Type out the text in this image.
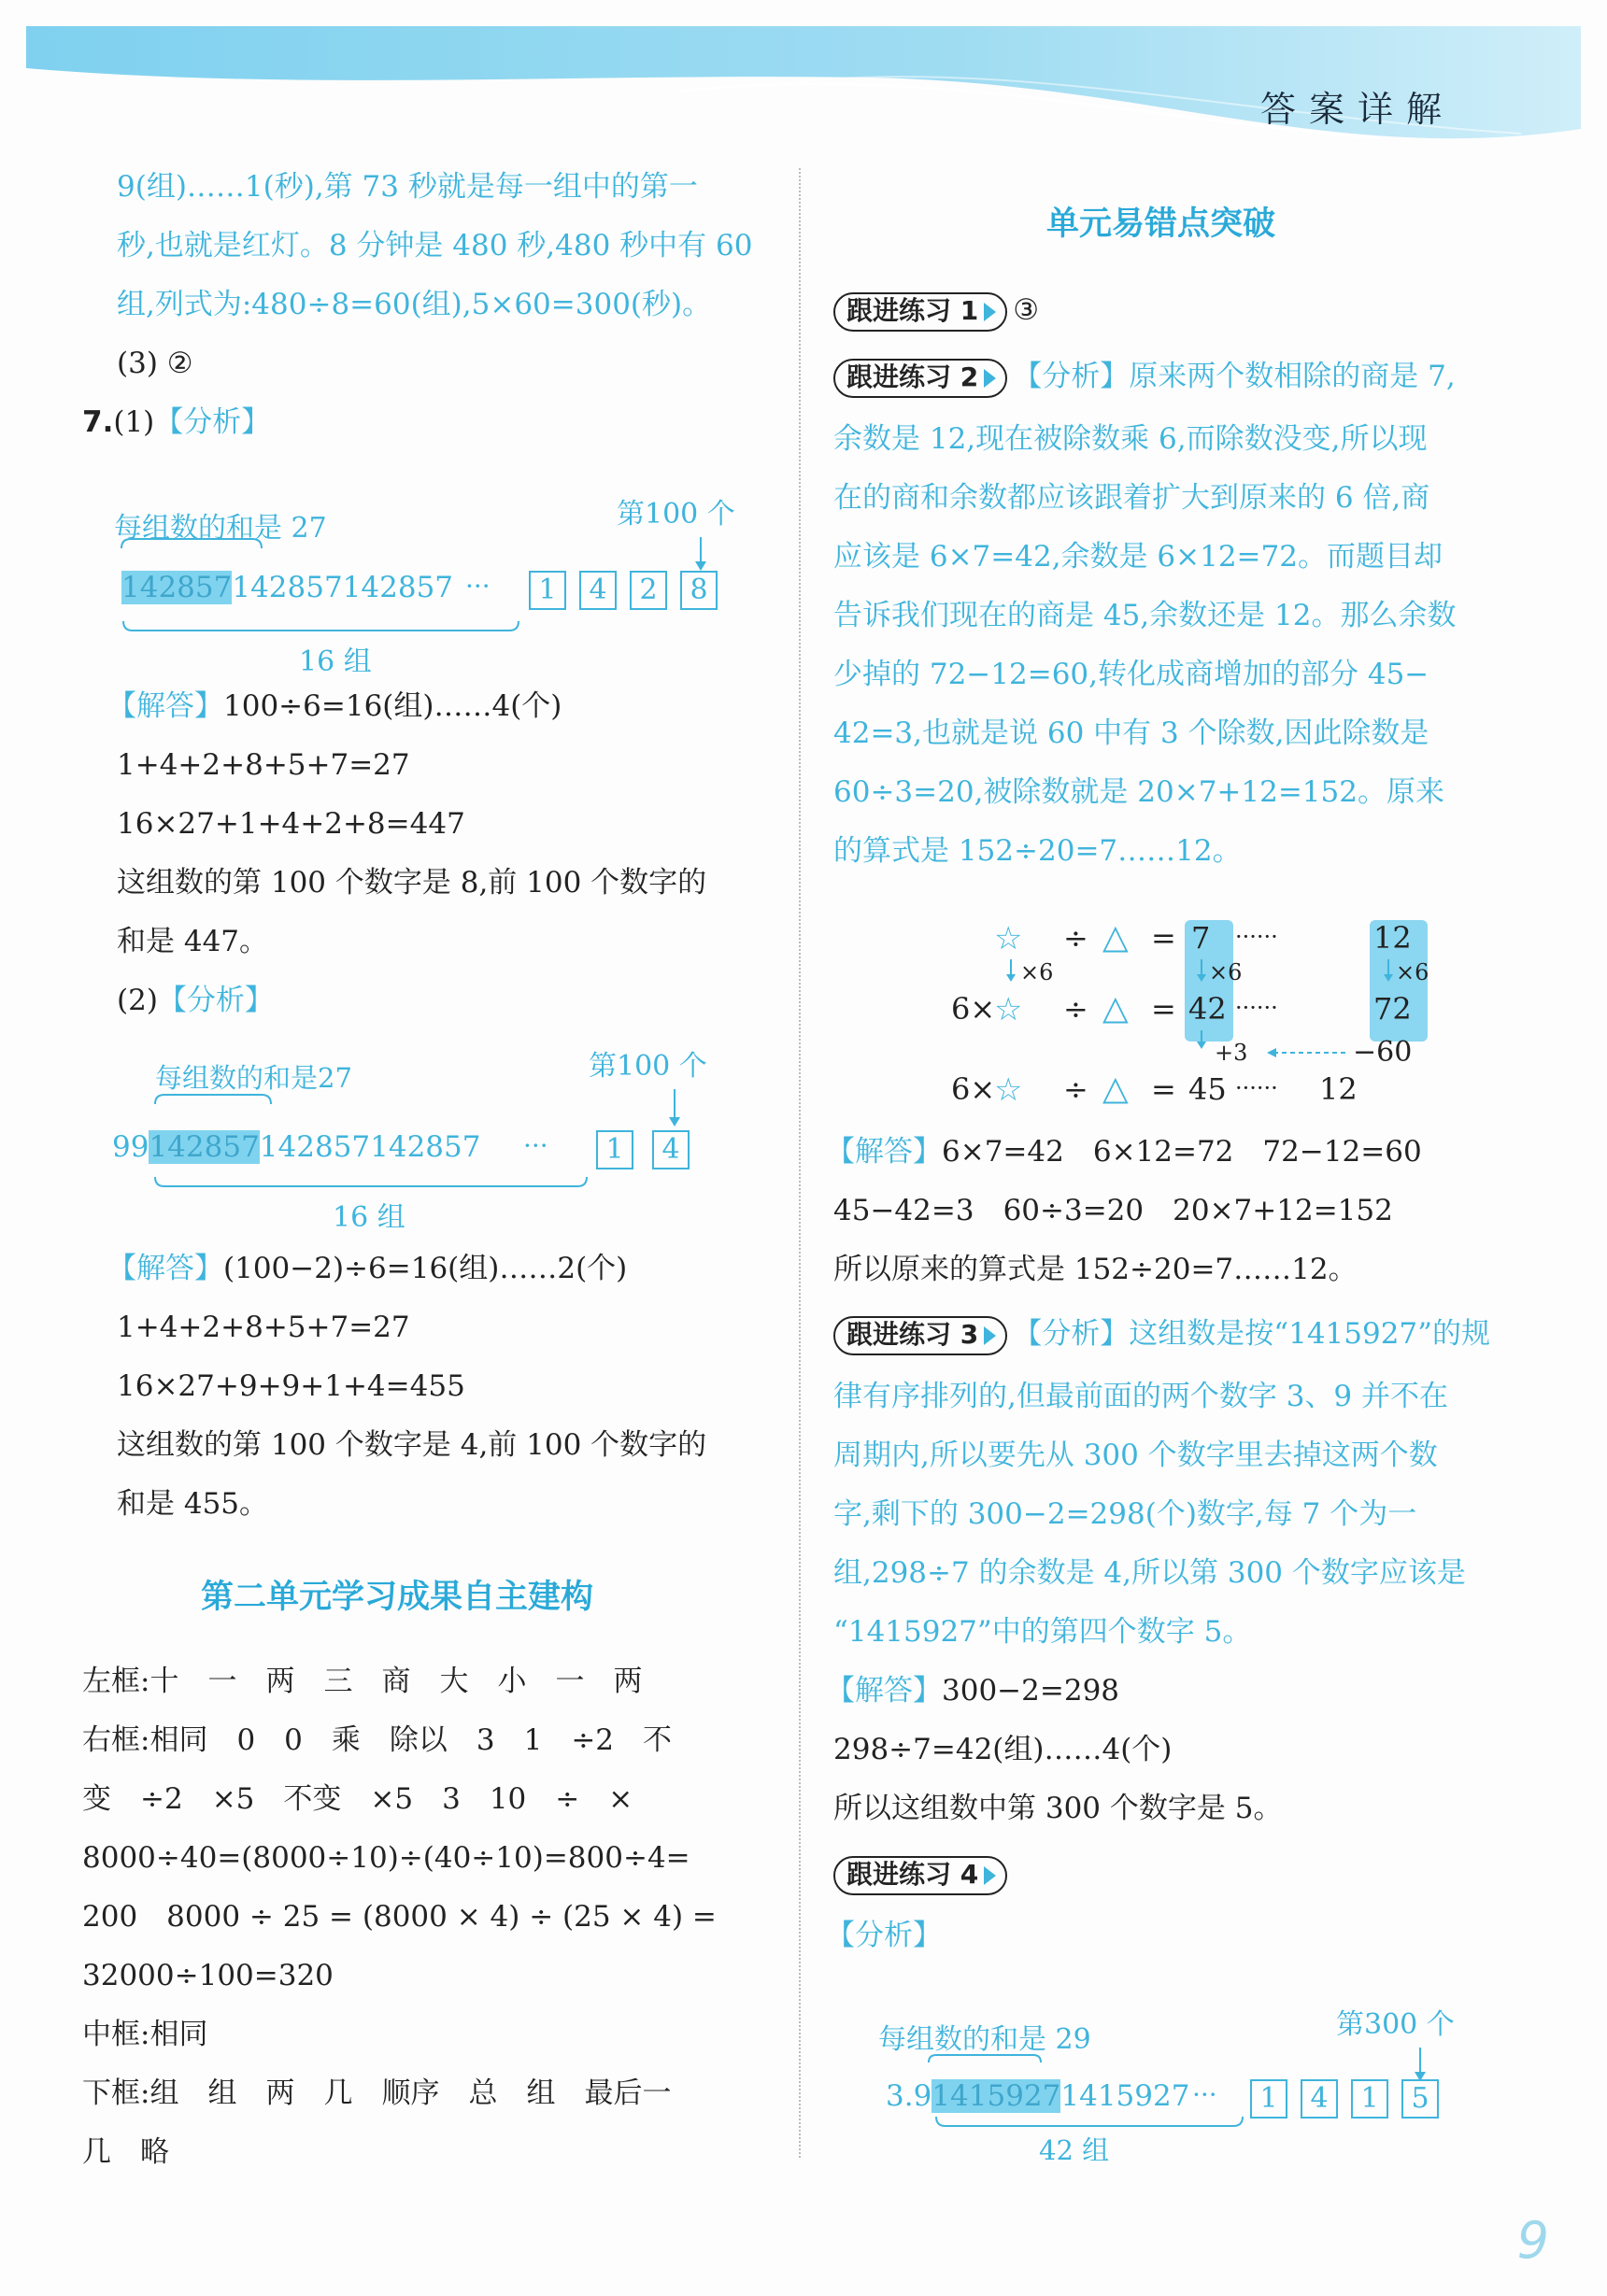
答案详解
9(组)……1(秒),第 73 秒就是每一组中的第一
秒,也就是红灯。8 分钟是 480 秒,480 秒中有 60
组,列式为:480÷8=60(组),5×60=300(秒)。
(3) ②
7.(1)【分析】
每组数的和是 27	第100 个
142857142857142857 ···	1	4	2	8
16 组
【解答】100÷6=16(组)……4(个)
1+4+2+8+5+7=27
16×27+1+4+2+8=447
这组数的第 100 个数字是 8,前 100 个数字的
和是 447。
(2)【分析】
每组数的和是27	第100 个
99142857142857142857 ···	1	4
16 组
【解答】(100−2)÷6=16(组)……2(个)
1+4+2+8+5+7=27
16×27+9+9+1+4=455
这组数的第 100 个数字是 4,前 100 个数字的
和是 455。
第二单元学习成果自主建构
左框:十　一　两　三　商　大　小　一　两
右框:相同　0　0　乘　除以　3　1　÷2　不
变　÷2　×5　不变　×5　3　10　÷　×
8000÷40=(8000÷10)÷(40÷10)=800÷4=
200　8000 ÷ 25 = (8000 × 4) ÷ (25 × 4) =
32000÷100=320
中框:相同
下框:组　组　两　几　顺序　总　组　最后一
几　略
单元易错点突破
跟进练习 1 ③
跟进练习 2 【分析】原来两个数相除的商是 7,
余数是 12,现在被除数乘 6,而除数没变,所以现
在的商和余数都应该跟着扩大到原来的 6 倍,商
应该是 6×7=42,余数是 6×12=72。而题目却
告诉我们现在的商是 45,余数还是 12。那么余数
少掉的 72−12=60,转化成商增加的部分 45−
42=3,也就是说 60 中有 3 个除数,因此除数是
60÷3=20,被除数就是 20×7+12=152。原来
的算式是 152÷20=7……12。
☆ ÷ △ = 7 ······	12
×6	×6	×6
6×
☆ ÷ △ = 42 ······	72
+3	−60
6×
☆ ÷ △ = 45 ······ 12
【解答】6×7=42　6×12=72　72−12=60
45−42=3　60÷3=20　20×7+12=152
所以原来的算式是 152÷20=7……12。
跟进练习 3 【分析】这组数是按“1415927”的规
律有序排列的,但最前面的两个数字 3、9 并不在
周期内,所以要先从 300 个数字里去掉这两个数
字,剩下的 300−2=298(个)数字,每 7 个为一
组,298÷7 的余数是 4,所以第 300 个数字应该是
“1415927”中的第四个数字 5。
【解答】300−2=298
298÷7=42(组)……4(个)
所以这组数中第 300 个数字是 5。
跟进练习 4
【分析】
每组数的和是 29	第300 个
3.914159271415927 ···	1	4	1	5
42 组
9
